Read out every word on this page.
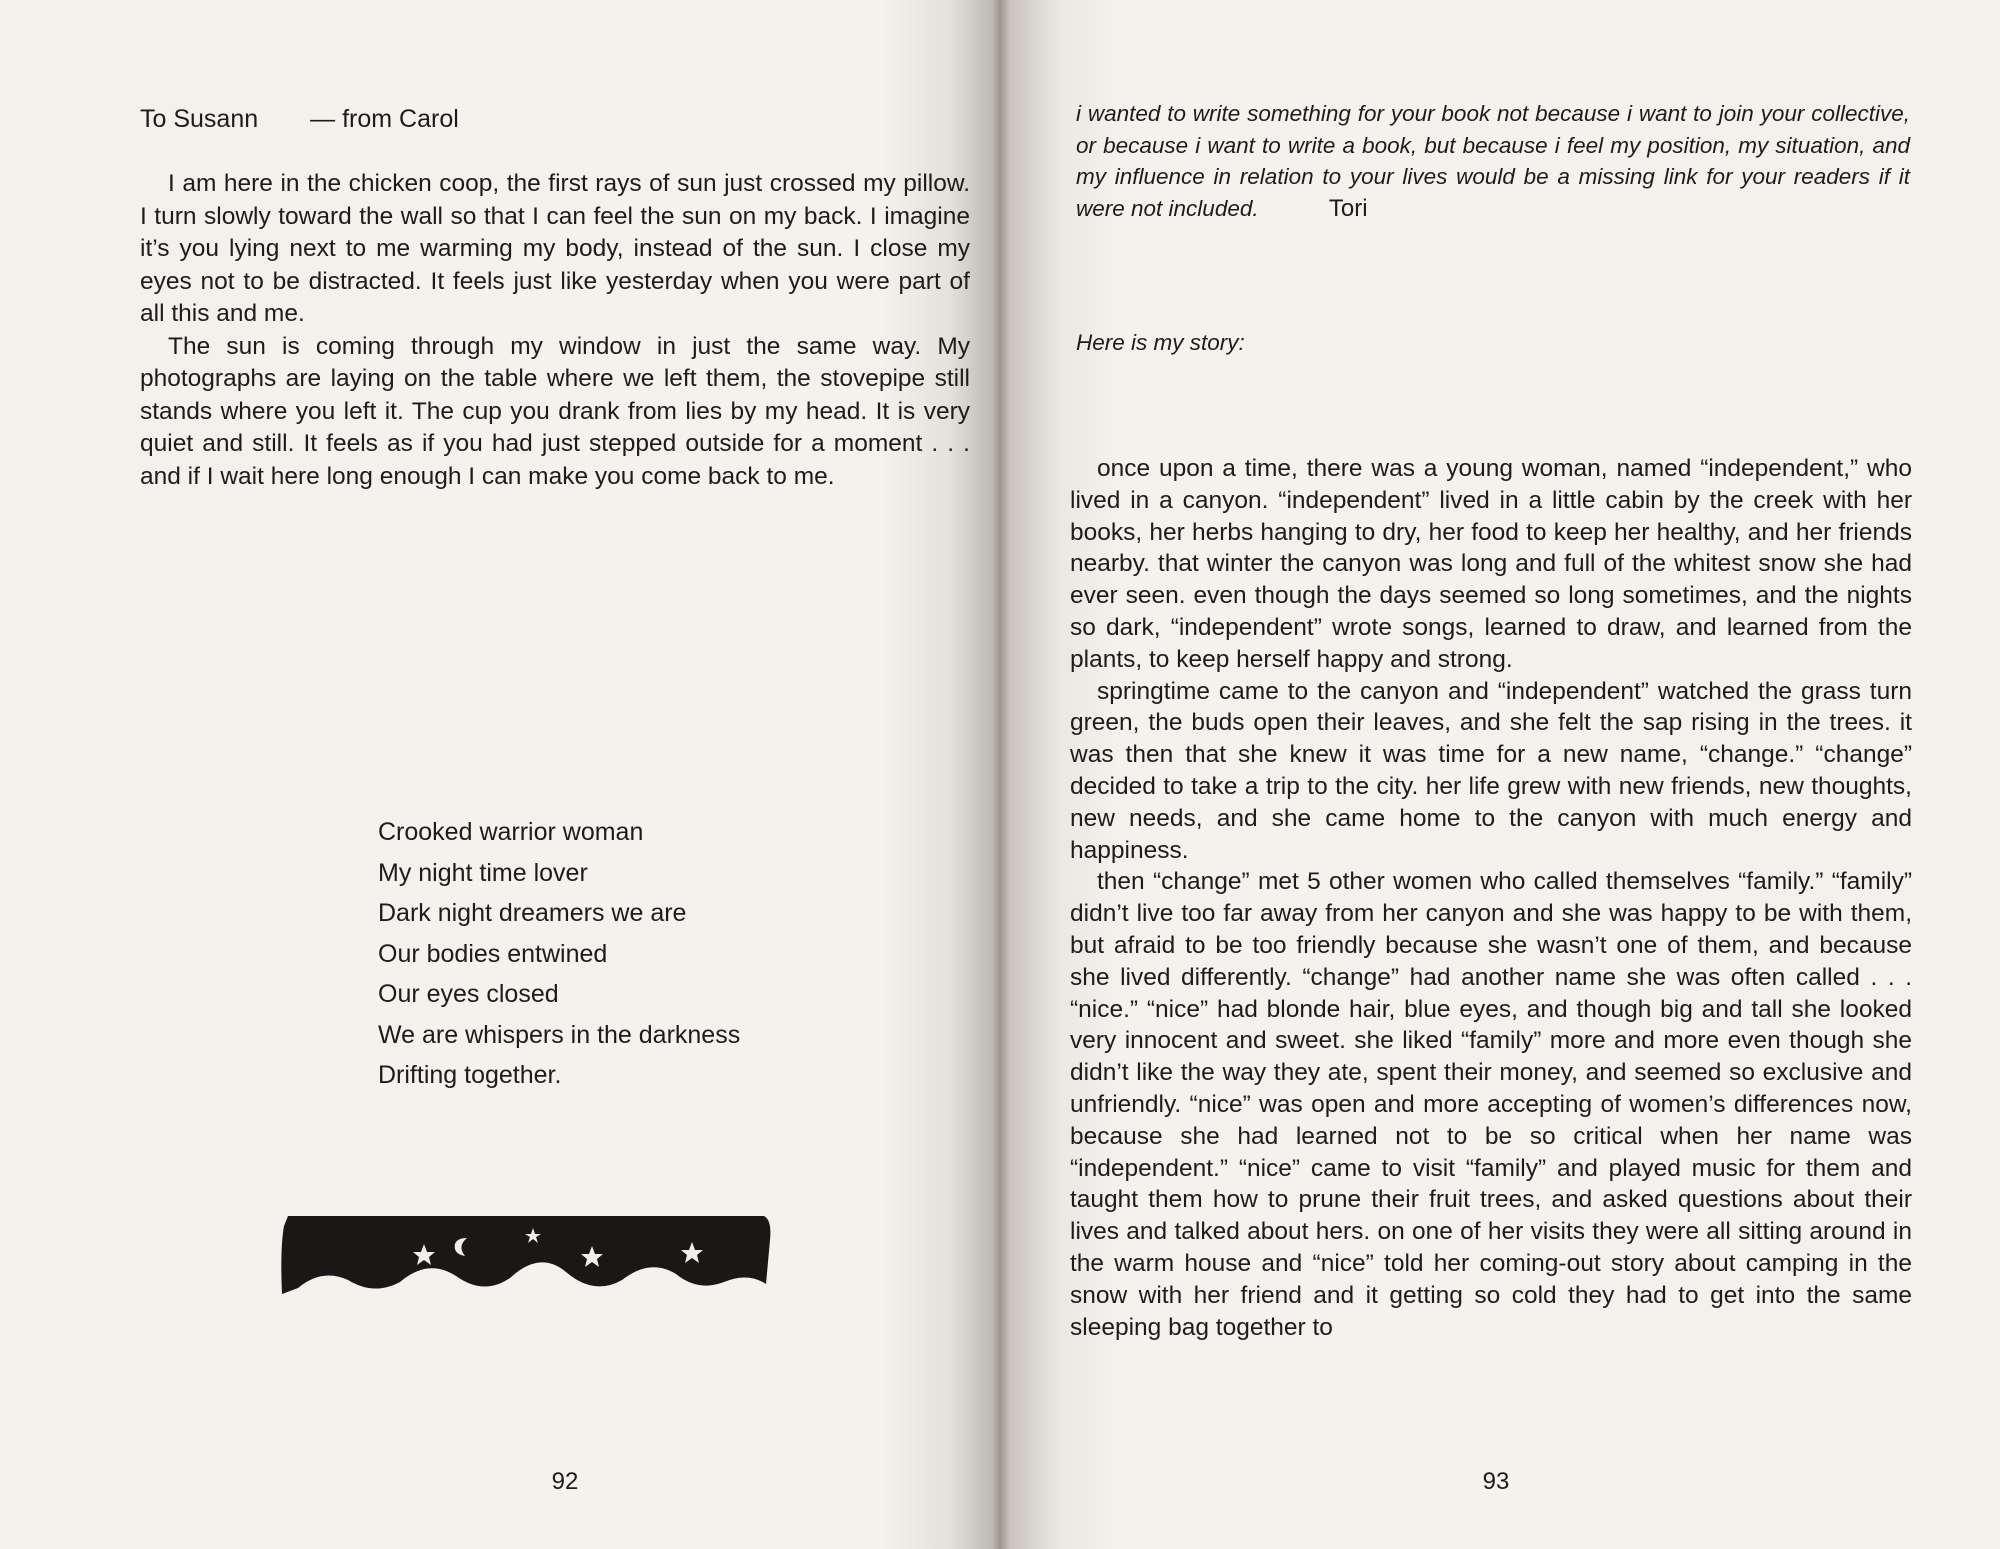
To Susann — from Carol

I am here in the chicken coop, the first rays of sun just crossed my pillow. I turn slowly toward the wall so that I can feel the sun on my back. I imagine it’s you lying next to me warming my body, instead of the sun. I close my eyes not to be distracted. It feels just like yesterday when you were part of all this and me.

The sun is coming through my window in just the same way. My photographs are laying on the table where we left them, the stovepipe still stands where you left it. The cup you drank from lies by my head. It is very quiet and still. It feels as if you had just stepped outside for a moment . . . and if I wait here long enough I can make you come back to me.

Crooked warrior woman
My night time lover
Dark night dreamers we are
Our bodies entwined
Our eyes closed
We are whispers in the darkness
Drifting together.
92
i wanted to write something for your book not because i want to join your collective, or because i want to write a book, but because i feel my position, my situation, and my influence in relation to your lives would be a missing link for your readers if it were not included.	Tori
Here is my story:

once upon a time, there was a young woman, named “independent,” who lived in a canyon. “independent” lived in a little cabin by the creek with her books, her herbs hanging to dry, her food to keep her healthy, and her friends nearby. that winter the canyon was long and full of the whitest snow she had ever seen. even though the days seemed so long sometimes, and the nights so dark, “independent” wrote songs, learned to draw, and learned from the plants, to keep herself happy and strong.

springtime came to the canyon and “independent” watched the grass turn green, the buds open their leaves, and she felt the sap rising in the trees. it was then that she knew it was time for a new name, “change.” “change” decided to take a trip to the city. her life grew with new friends, new thoughts, new needs, and she came home to the canyon with much energy and happiness.

then “change” met 5 other women who called themselves “family.” “family” didn’t live too far away from her canyon and she was happy to be with them, but afraid to be too friendly because she wasn’t one of them, and because she lived differently. “change” had another name she was often called . . . “nice.” “nice” had blonde hair, blue eyes, and though big and tall she looked very innocent and sweet. she liked “family” more and more even though she didn’t like the way they ate, spent their money, and seemed so exclusive and unfriendly. “nice” was open and more accepting of women’s differences now, because she had learned not to be so critical when her name was “independent.” “nice” came to visit “family” and played music for them and taught them how to prune their fruit trees, and asked questions about their lives and talked about hers. on one of her visits they were all sitting around in the warm house and “nice” told her coming-out story about camping in the snow with her friend and it getting so cold they had to get into the same sleeping bag together to

93
